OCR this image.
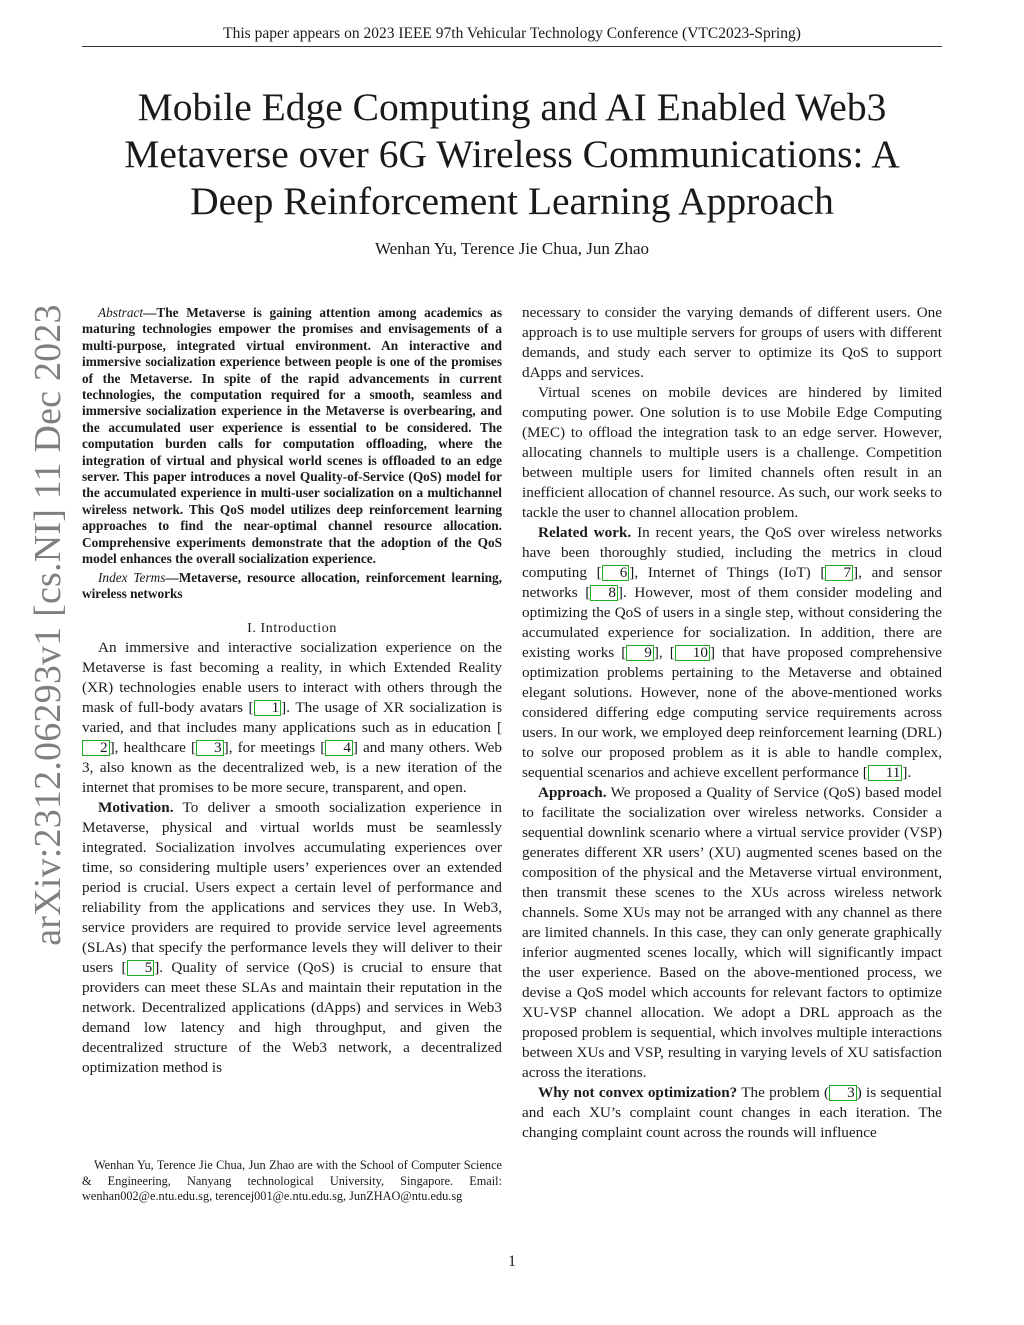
This paper appears on 2023 IEEE 97th Vehicular Technology Conference (VTC2023-Spring)
arXiv:2312.06293v1 [cs.NI] 11 Dec 2023
Mobile Edge Computing and AI Enabled Web3 Metaverse over 6G Wireless Communications: A Deep Reinforcement Learning Approach
Wenhan Yu, Terence Jie Chua, Jun Zhao

Abstract—The Metaverse is gaining attention among academics as maturing technologies empower the promises and envisagements of a multi-purpose, integrated virtual environment. An interactive and immersive socialization experience between people is one of the promises of the Metaverse. In spite of the rapid advancements in current technologies, the computation required for a smooth, seamless and immersive socialization experience in the Metaverse is overbearing, and the accumulated user experience is essential to be considered. The computation burden calls for computation offloading, where the integration of virtual and physical world scenes is offloaded to an edge server. This paper introduces a novel Quality-of-Service (QoS) model for the accumulated experience in multi-user socialization on a multichannel wireless network. This QoS model utilizes deep reinforcement learning approaches to find the near-optimal channel resource allocation. Comprehensive experiments demonstrate that the adoption of the QoS model enhances the overall socialization experience.

Index Terms—Metaverse, resource allocation, reinforcement learning, wireless networks

I. Introduction

An immersive and interactive socialization experience on the Metaverse is fast becoming a reality, in which Extended Reality (XR) technologies enable users to interact with others through the mask of full-body avatars [ 1 ]. The usage of XR socialization is varied, and that includes many applications such as in education [2 ], healthcare [ 3 ], for meetings [ 4 ] and many others. Web 3, also known as the decentralized web, is a new iteration of the internet that promises to be more secure, transparent, and open.

Motivation. To deliver a smooth socialization experience in Metaverse, physical and virtual worlds must be seamlessly integrated. Socialization involves accumulating experiences over time, so considering multiple users’ experiences over an extended period is crucial. Users expect a certain level of performance and reliability from the applications and services they use. In Web3, service providers are required to provide service level agreements (SLAs) that specify the performance levels they will deliver to their users [ 5 ]. Quality of service (QoS) is crucial to ensure that providers can meet these SLAs and maintain their reputation in the network. Decentralized applications (dApps) and services in Web3 demand low latency and high throughput, and given the decentralized structure of the Web3 network, a decentralized optimization method is

necessary to consider the varying demands of different users. One approach is to use multiple servers for groups of users with different demands, and study each server to optimize its QoS to support dApps and services.

Virtual scenes on mobile devices are hindered by limited computing power. One solution is to use Mobile Edge Computing (MEC) to offload the integration task to an edge server. However, allocating channels to multiple users is a challenge. Competition between multiple users for limited channels often result in an inefficient allocation of channel resource. As such, our work seeks to tackle the user to channel allocation problem.

Related work. In recent years, the QoS over wireless networks have been thoroughly studied, including the metrics in cloud computing [ 6 ], Internet of Things (IoT) [ 7 ], and sensor networks [ 8 ]. However, most of them consider modeling and optimizing the QoS of users in a single step, without considering the accumulated experience for socialization. In addition, there are existing works [ 9 ], [ 10 ] that have proposed comprehensive optimization problems pertaining to the Metaverse and obtained elegant solutions. However, none of the above-mentioned works considered differing edge computing service requirements across users. In our work, we employed deep reinforcement learning (DRL) to solve our proposed problem as it is able to handle complex, sequential scenarios and achieve excellent performance [ 11 ].

Approach. We proposed a Quality of Service (QoS) based model to facilitate the socialization over wireless networks. Consider a sequential downlink scenario where a virtual service provider (VSP) generates different XR users’ (XU) augmented scenes based on the composition of the physical and the Metaverse virtual environment, then transmit these scenes to the XUs across wireless network channels. Some XUs may not be arranged with any channel as there are limited channels. In this case, they can only generate graphically inferior augmented scenes locally, which will significantly impact the user experience. Based on the above-mentioned process, we devise a QoS model which accounts for relevant factors to optimize XU-VSP channel allocation. We adopt a DRL approach as the proposed problem is sequential, which involves multiple interactions between XUs and VSP, resulting in varying levels of XU satisfaction across the iterations.

Why not convex optimization? The problem ( 3 ) is sequential and each XU’s complaint count changes in each iteration. The changing complaint count across the rounds will influence

Wenhan Yu, Terence Jie Chua, Jun Zhao are with the School of Computer Science & Engineering, Nanyang technological University, Singapore. Email: wenhan002@e.ntu.edu.sg, terencej001@e.ntu.edu.sg, JunZHAO@ntu.edu.sg

1
